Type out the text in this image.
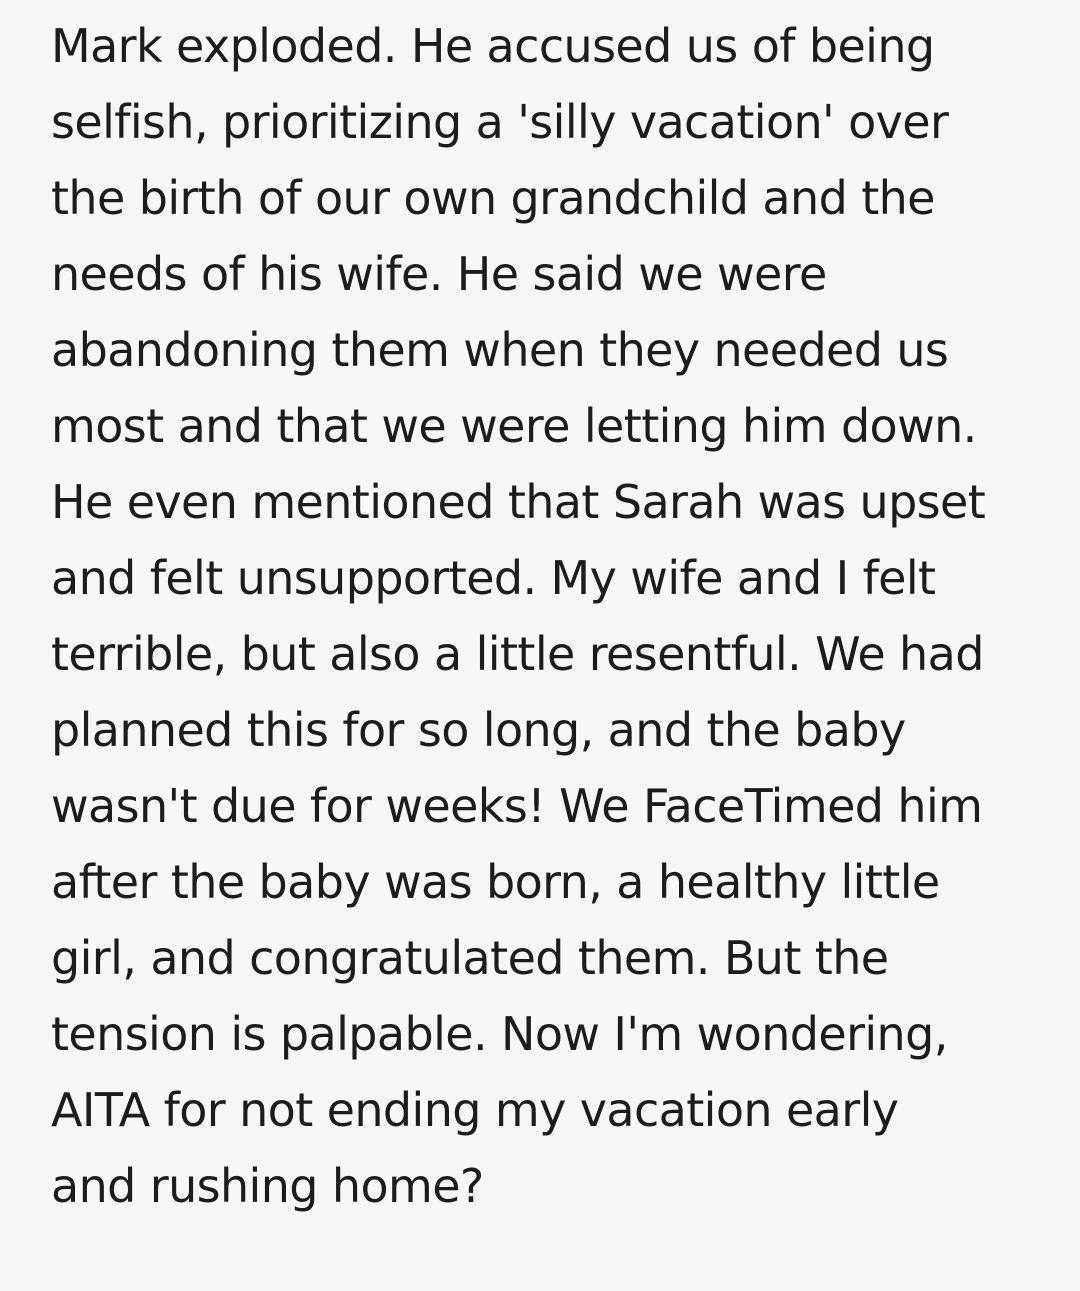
Mark exploded. He accused us of being
selfish, prioritizing a 'silly vacation' over
the birth of our own grandchild and the
needs of his wife. He said we were
abandoning them when they needed us
most and that we were letting him down.
He even mentioned that Sarah was upset
and felt unsupported. My wife and I felt
terrible, but also a little resentful. We had
planned this for so long, and the baby
wasn't due for weeks! We FaceTimed him
after the baby was born, a healthy little
girl, and congratulated them. But the
tension is palpable. Now I'm wondering,
AITA for not ending my vacation early
and rushing home?
